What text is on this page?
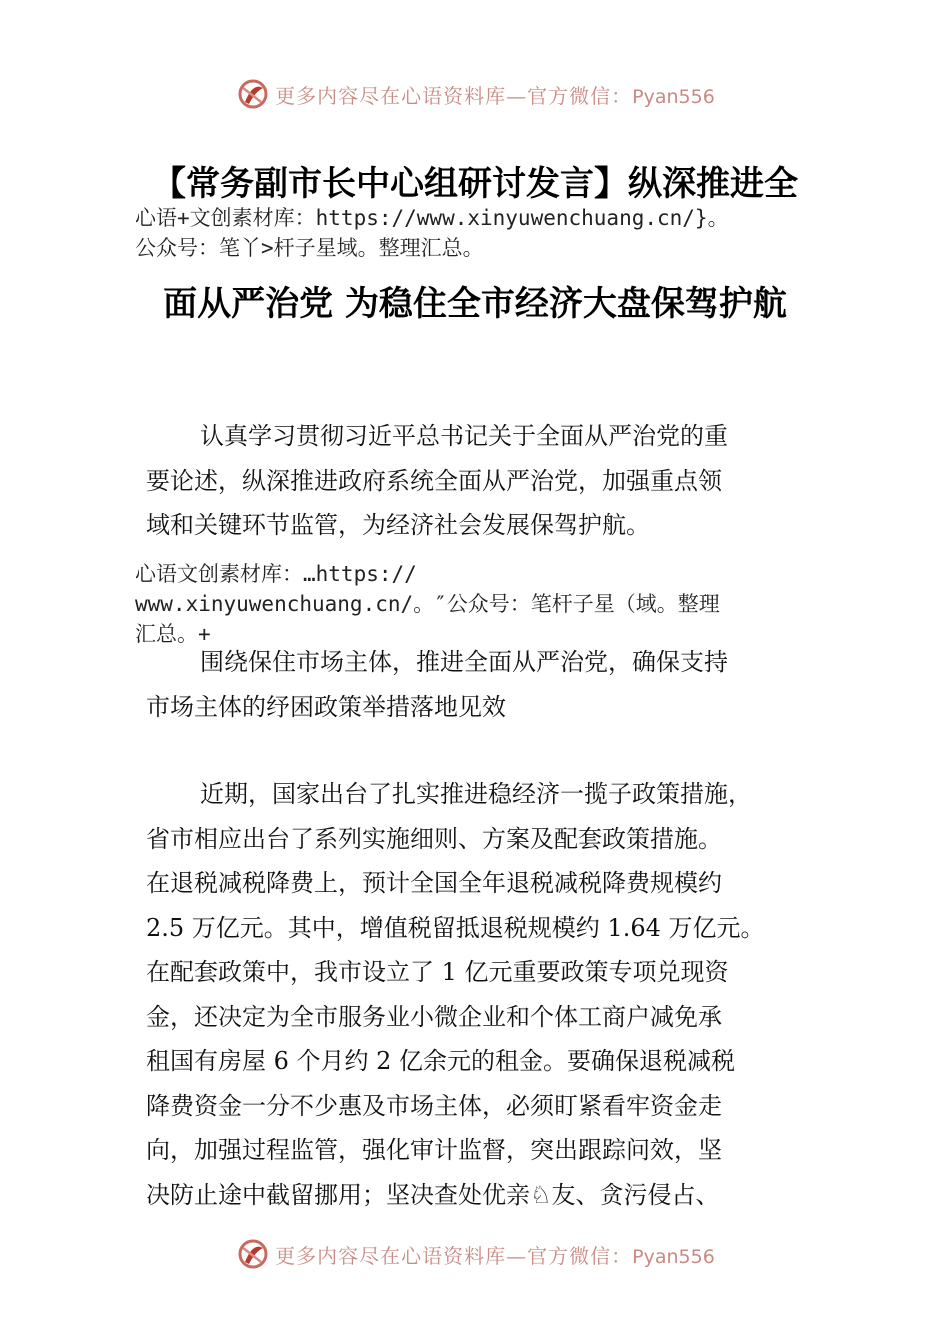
更多内容尽在心语资料库—官方微信：Pyan556
【常务副市长中心组研讨发言】纵深推进全
心语+文创素材库：https://www.xinyuwenchuang.cn/}。
公众号：笔丫>杆子星域。整理汇总。
面从严治党 为稳住全市经济大盘保驾护航
认真学习贯彻习近平总书记关于全面从严治党的重
要论述，纵深推进政府系统全面从严治党，加强重点领
域和关键环节监管，为经济社会发展保驾护航。
心语文创素材库：…https://
www.xinyuwenchuang.cn/。″公众号：笔杆子星（域。整理
汇总。+
围绕保住市场主体，推进全面从严治党，确保支持
市场主体的纾困政策举措落地见效
近期，国家出台了扎实推进稳经济一揽子政策措施，
省市相应出台了系列实施细则、方案及配套政策措施。
在退税减税降费上，预计全国全年退税减税降费规模约
2.5 万亿元。其中，增值税留抵退税规模约 1.64 万亿元。
在配套政策中，我市设立了 1 亿元重要政策专项兑现资
金，还决定为全市服务业小微企业和个体工商户减免承
租国有房屋 6 个月约 2 亿余元的租金。要确保退税减税
降费资金一分不少惠及市场主体，必须盯紧看牢资金走
向，加强过程监管，强化审计监督，突出跟踪问效，坚
决防止途中截留挪用；坚决查处优亲♘友、贪污侵占、
更多内容尽在心语资料库—官方微信：Pyan556
